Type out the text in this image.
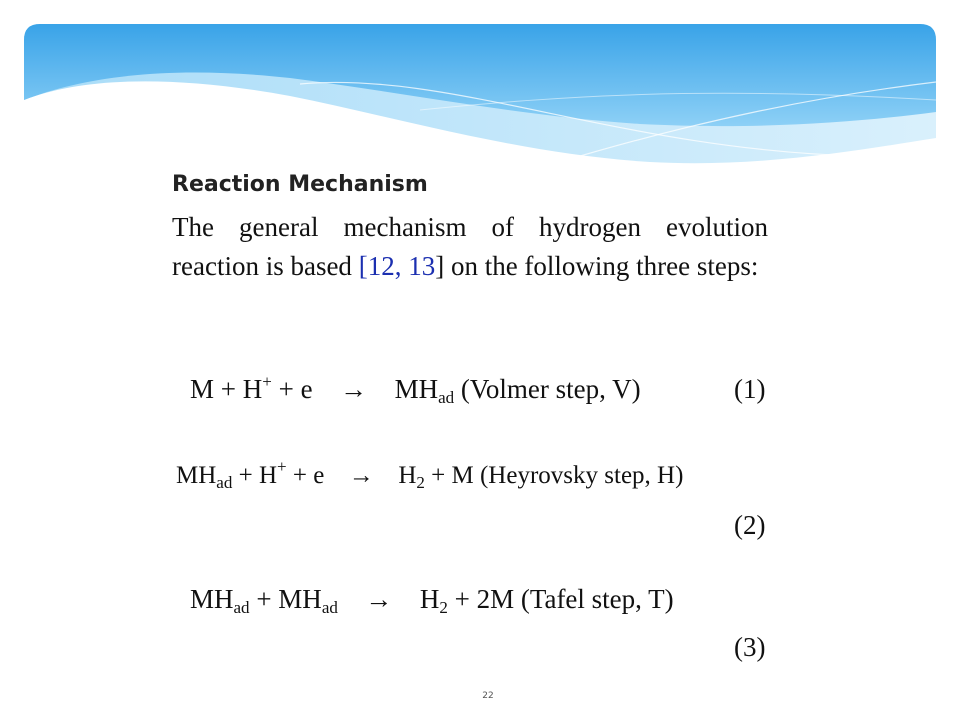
Reaction Mechanism
The general mechanism of hydrogen evolution reaction is based [12, 13] on the following three steps:
$M + H^+ + e \to MH_{ad}$ (Volmer step, V)	(1)
$MH_{ad} + H^+ + e \to H_2 + M$ (Heyrovsky step, H)
(2)
$MH_{ad} + MH_{ad} \to H_2 + 2M$ (Tafel step, T)
(3)
22
